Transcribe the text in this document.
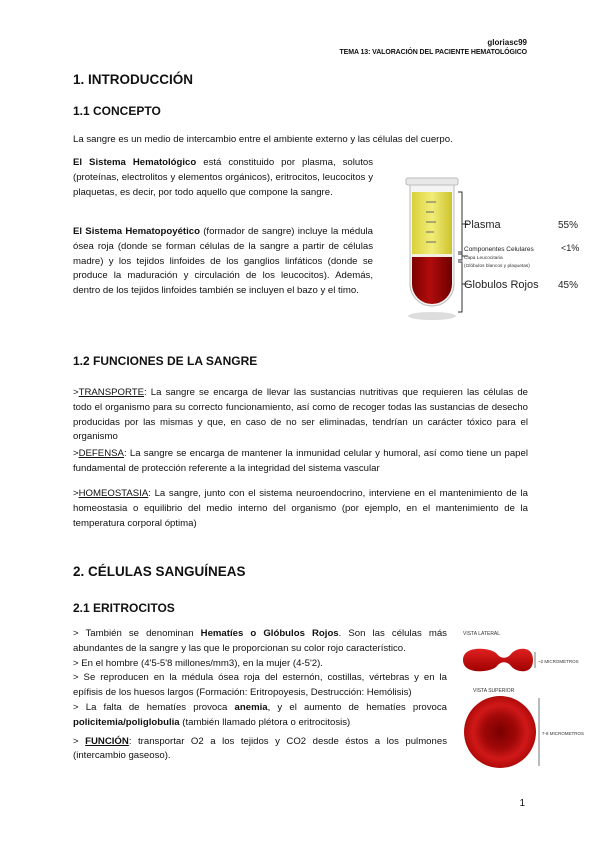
gloriasc99
TEMA 13: VALORACIÓN DEL PACIENTE HEMATOLÓGICO
1. INTRODUCCIÓN
1.1 CONCEPTO

La sangre es un medio de intercambio entre el ambiente externo y las células del cuerpo.

El Sistema Hematológico está constituido por plasma, solutos (proteínas, electrolitos y elementos orgánicos), eritrocitos, leucocitos y plaquetas, es decir, por todo aquello que compone la sangre.

El Sistema Hematopoyético (formador de sangre) incluye la médula ósea roja (donde se forman células de la sangre a partir de células madre) y los tejidos linfoides de los ganglios linfáticos (donde se produce la maduración y circulación de los leucocitos). Además, dentro de los tejidos linfoides también se incluyen el bazo y el timo.

Plasma	55%
Componentes Celulares
Capa Leucocitaria
(Glóbulos blancos y plaquetas)
<1%
Globulos Rojos 45%
1.2 FUNCIONES DE LA SANGRE

>TRANSPORTE: La sangre se encarga de llevar las sustancias nutritivas que requieren las células de todo el organismo para su correcto funcionamiento, así como de recoger todas las sustancias de desecho producidas por las mismas y que, en caso de no ser eliminadas, tendrían un carácter tóxico para el organismo

>DEFENSA: La sangre se encarga de mantener la inmunidad celular y humoral, así como tiene un papel fundamental de protección referente a la integridad del sistema vascular

>HOMEOSTASIA: La sangre, junto con el sistema neuroendocrino, interviene en el mantenimiento de la homeostasia o equilibrio del medio interno del organismo (por ejemplo, en el mantenimiento de la temperatura corporal óptima)

2. CÉLULAS SANGUÍNEAS
2.1 ERITROCITOS

> También se denominan Hematíes o Glóbulos Rojos. Son las células más abundantes de la sangre y las que le proporcionan su color rojo característico.

> En el hombre (4'5-5'8 millones/mm3), en la mujer (4-5'2).

> Se reproducen en la médula ósea roja del esternón, costillas, vértebras y en la epífisis de los huesos largos (Formación: Eritropoyesis, Destrucción: Hemólisis)

> La falta de hematíes provoca anemia, y el aumento de hematíes provoca policitemia/poliglobulia (también llamado plétora o eritrocitosis)

> FUNCIÓN: transportar O2 a los tejidos y CO2 desde éstos a los pulmones (intercambio gaseoso).

VISTA LATERAL
~2 MICROMETROS
VISTA SUPERIOR
7-8 MICROMETROS
1
